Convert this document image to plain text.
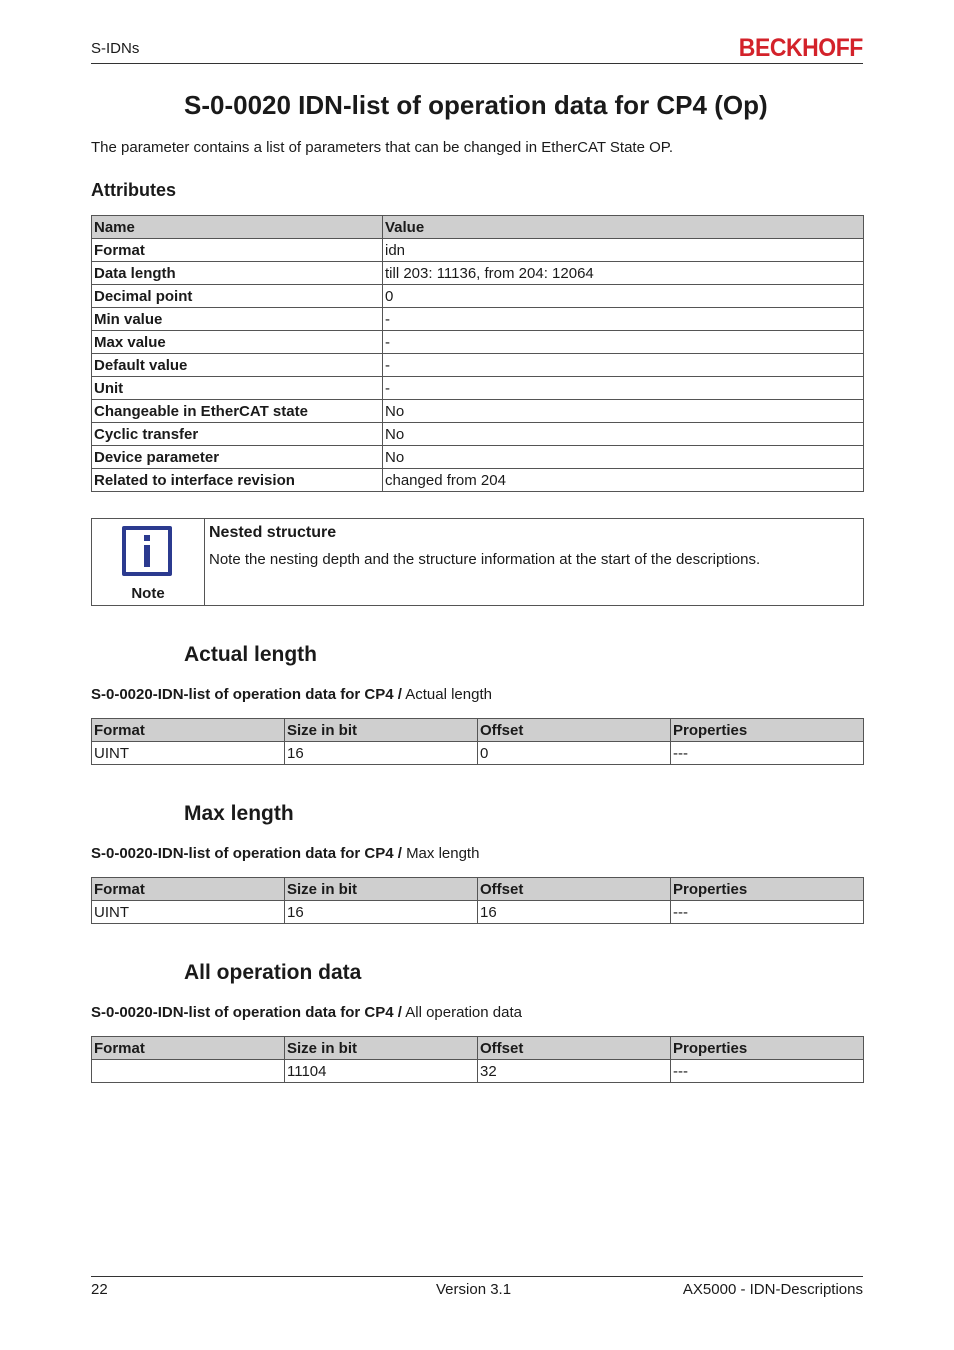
S-IDNs	BECKHOFF
S-0-0020 IDN-list of operation data for CP4 (Op)
The parameter contains a list of parameters that can be changed in EtherCAT State OP.
Attributes
Name	Value
Format	idn
Data length	till 203: 11136, from 204: 12064
Decimal point	0
Min value	-
Max value	-
Default value	-
Unit	-
Changeable in EtherCAT state	No
Cyclic transfer	No
Device parameter	No
Related to interface revision	changed from 204
Note
Nested structure
Note the nesting depth and the structure information at the start of the descriptions.
Actual length
S-0-0020-IDN-list of operation data for CP4 / Actual length
Format	Size in bit	Offset	Properties
UINT	16	0	---
Max length
S-0-0020-IDN-list of operation data for CP4 / Max length
Format	Size in bit	Offset	Properties
UINT	16	16	---
All operation data
S-0-0020-IDN-list of operation data for CP4 / All operation data
Format	Size in bit	Offset	Properties
	11104	32	---
22	Version 3.1	AX5000 - IDN-Descriptions
